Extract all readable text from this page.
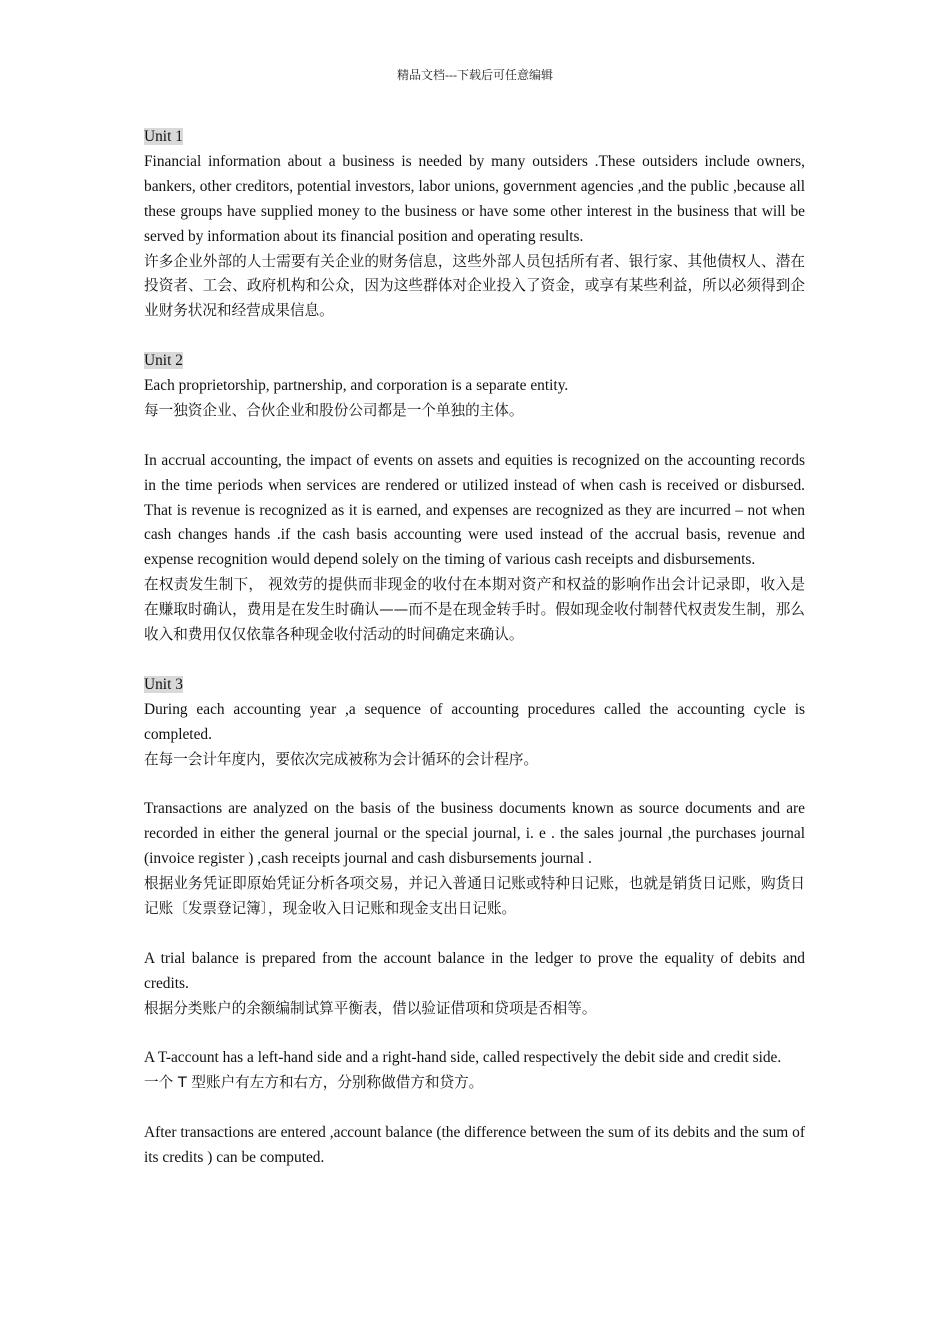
精品文档---下载后可任意编辑

Unit 1

Financial information about a business is needed by many outsiders .These outsiders include owners, bankers, other creditors, potential investors, labor unions, government agencies ,and the public ,because all these groups have supplied money to the business or have some other interest in the business that will be served by information about its financial position and operating results.

许多企业外部的人士需要有关企业的财务信息，这些外部人员包括所有者、银行家、其他债权人、潜在投资者、工会、政府机构和公众，因为这些群体对企业投入了资金，或享有某些利益，所以必须得到企业财务状况和经营成果信息。

Unit 2

Each proprietorship, partnership, and corporation is a separate entity.

每一独资企业、合伙企业和股份公司都是一个单独的主体。

In accrual accounting, the impact of events on assets and equities is recognized on the accounting records in the time periods when services are rendered or utilized instead of when cash is received or disbursed. That is revenue is recognized as it is earned, and expenses are recognized as they are incurred – not when cash changes hands .if the cash basis accounting were used instead of the accrual basis, revenue and expense recognition would depend solely on the timing of various cash receipts and disbursements.

在权责发生制下， 视效劳的提供而非现金的收付在本期对资产和权益的影响作出会计记录即，收入是在赚取时确认，费用是在发生时确认——而不是在现金转手时。假如现金收付制替代权责发生制，那么收入和费用仅仅依靠各种现金收付活动的时间确定来确认。

Unit 3

During each accounting year ,a sequence of accounting procedures called the accounting cycle is completed.

在每一会计年度内，要依次完成被称为会计循环的会计程序。

Transactions are analyzed on the basis of the business documents known as source documents and are recorded in either the general journal or the special journal, i. e . the sales journal ,the purchases journal (invoice register ) ,cash receipts journal and cash disbursements journal .

根据业务凭证即原始凭证分析各项交易，并记入普通日记账或特种日记账，也就是销货日记账，购货日记账〔发票登记簿〕，现金收入日记账和现金支出日记账。

A trial balance is prepared from the account balance in the ledger to prove the equality of debits and credits.

根据分类账户的余额编制试算平衡表，借以验证借项和贷项是否相等。

A T-account has a left-hand side and a right-hand side, called respectively the debit side and credit side.

一个 T 型账户有左方和右方，分别称做借方和贷方。

After transactions are entered ,account balance (the difference between the sum of its debits and the sum of its credits ) can be computed.
